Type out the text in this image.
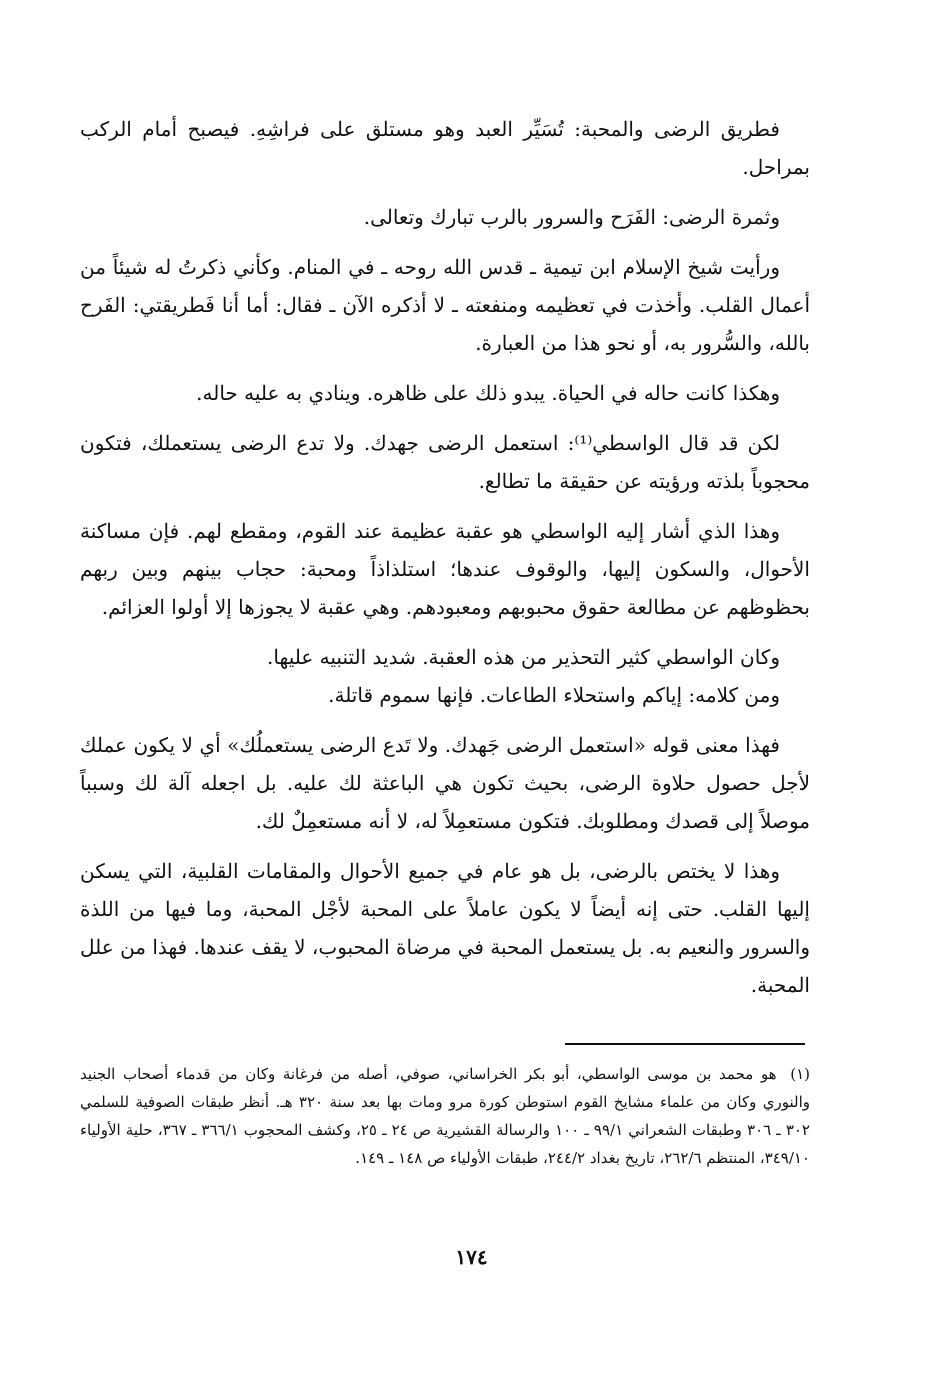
فطريق الرضى والمحبة: تُسَيِّر العبد وهو مستلق على فراشِهِ. فيصبح أمام الركب بمراحل.

وثمرة الرضى: الفَرَح والسرور بالرب تبارك وتعالى.

ورأيت شيخ الإسلام ابن تيمية ـ قدس الله روحه ـ في المنام. وكأني ذكرتُ له شيئاً من أعمال القلب. وأخذت في تعظيمه ومنفعته ـ لا أذكره الآن ـ فقال: أما أنا فَطريقتي: الفَرح بالله، والسُّرور به، أو نحو هذا من العبارة.

وهكذا كانت حاله في الحياة. يبدو ذلك على ظاهره. وينادي به عليه حاله.

لكن قد قال الواسطي⁽¹⁾: استعمل الرضى جهدك. ولا تدع الرضى يستعملك، فتكون محجوباً بلذته ورؤيته عن حقيقة ما تطالع.

وهذا الذي أشار إليه الواسطي هو عقبة عظيمة عند القوم، ومقطع لهم. فإن مساكنة الأحوال، والسكون إليها، والوقوف عندها؛ استلذاذاً ومحبة: حجاب بينهم وبين ربهم بحظوظهم عن مطالعة حقوق محبوبهم ومعبودهم. وهي عقبة لا يجوزها إلا أولوا العزائم.

وكان الواسطي كثير التحذير من هذه العقبة. شديد التنبيه عليها.

ومن كلامه: إياكم واستحلاء الطاعات. فإنها سموم قاتلة.

فهذا معنى قوله «استعمل الرضى جَهدك. ولا تَدع الرضى يستعملُك» أي لا يكون عملك لأجل حصول حلاوة الرضى، بحيث تكون هي الباعثة لك عليه. بل اجعله آلة لك وسبباً موصلاً إلى قصدك ومطلوبك. فتكون مستعمِلاً له، لا أنه مستعمِلٌ لك.

وهذا لا يختص بالرضى، بل هو عام في جميع الأحوال والمقامات القلبية، التي يسكن إليها القلب. حتى إنه أيضاً لا يكون عاملاً على المحبة لأجْل المحبة، وما فيها من اللذة والسرور والنعيم به. بل يستعمل المحبة في مرضاة المحبوب، لا يقف عندها. فهذا من علل المحبة.

(١) هو محمد بن موسى الواسطي، أبو بكر الخراساني، صوفي، أصله من فرغانة وكان من قدماء أصحاب الجنيد والنوري وكان من علماء مشايخ القوم استوطن كورة مرو ومات بها بعد سنة ٣٢٠ هـ. أنظر طبقات الصوفية للسلمي ٣٠٢ ـ ٣٠٦ وطبقات الشعراني ٩٩/١ ـ ١٠٠ والرسالة القشيرية ص ٢٤ ـ ٢٥، وكشف المحجوب ٣٦٦/١ ـ ٣٦٧، حلية الأولياء ٣٤٩/١٠، المنتظم ٢٦٢/٦، تاريخ بغداد ٢٤٤/٢، طبقات الأولياء ص ١٤٨ ـ ١٤٩.
١٧٤
